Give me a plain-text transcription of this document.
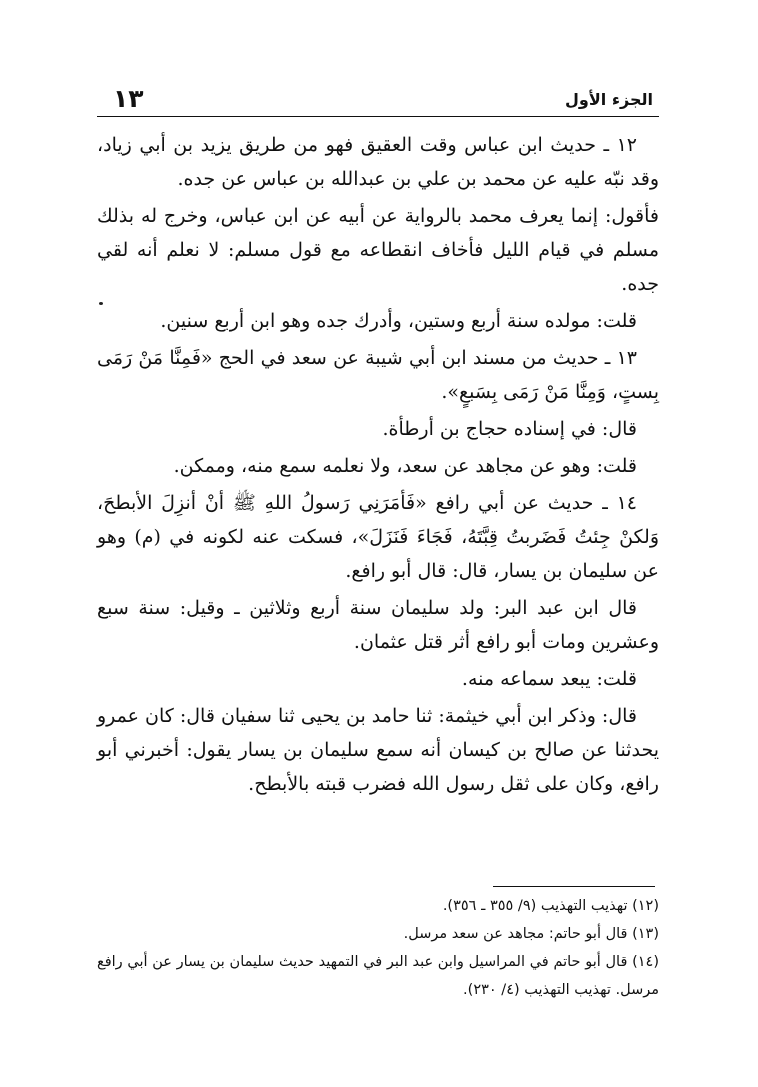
الجزء الأول
١٣

١٢ ـ حديث ابن عباس وقت العقيق فهو من طريق يزيد بن أبي زياد، وقد نبّه عليه عن محمد بن علي بن عبدالله بن عباس عن جده.

فأقول: إنما يعرف محمد بالرواية عن أبيه عن ابن عباس، وخرج له بذلك مسلم في قيام الليل فأخاف انقطاعه مع قول مسلم: لا نعلم أنه لقي جده.

قلت: مولده سنة أربع وستين، وأدرك جده وهو ابن أربع سنين.

١٣ ـ حديث من مسند ابن أبي شيبة عن سعد في الحج «فَمِنَّا مَنْ رَمَى بِستٍ، وَمِنَّا مَنْ رَمَى بِسَبعٍ».

قال: في إسناده حجاج بن أرطأة.

قلت: وهو عن مجاهد عن سعد، ولا نعلمه سمع منه، وممكن.

١٤ ـ حديث عن أبي رافع «فَأمَرَنِي رَسولُ اللهِ ﷺ أنْ أنزِلَ الأبطحَ، وَلكنْ جِئتُ فَضَربتُ قِبَّتَهُ، فَجَاءَ فَنَزَلَ»، فسكت عنه لكونه في (م) وهو عن سليمان بن يسار، قال: قال أبو رافع.

قال ابن عبد البر: ولد سليمان سنة أربع وثلاثين ـ وقيل: سنة سبع وعشرين ومات أبو رافع أثر قتل عثمان.

قلت: يبعد سماعه منه.

قال: وذكر ابن أبي خيثمة: ثنا حامد بن يحيى ثنا سفيان قال: كان عمرو يحدثنا عن صالح بن كيسان أنه سمع سليمان بن يسار يقول: أخبرني أبو رافع، وكان على ثقل رسول الله فضرب قبته بالأبطح.

(١٢) تهذيب التهذيب (٩/ ٣٥٥ ـ ٣٥٦).

(١٣) قال أبو حاتم: مجاهد عن سعد مرسل.

(١٤) قال أبو حاتم في المراسيل وابن عبد البر في التمهيد حديث سليمان بن يسار عن أبي رافع مرسل. تهذيب التهذيب (٤/ ٢٣٠).
